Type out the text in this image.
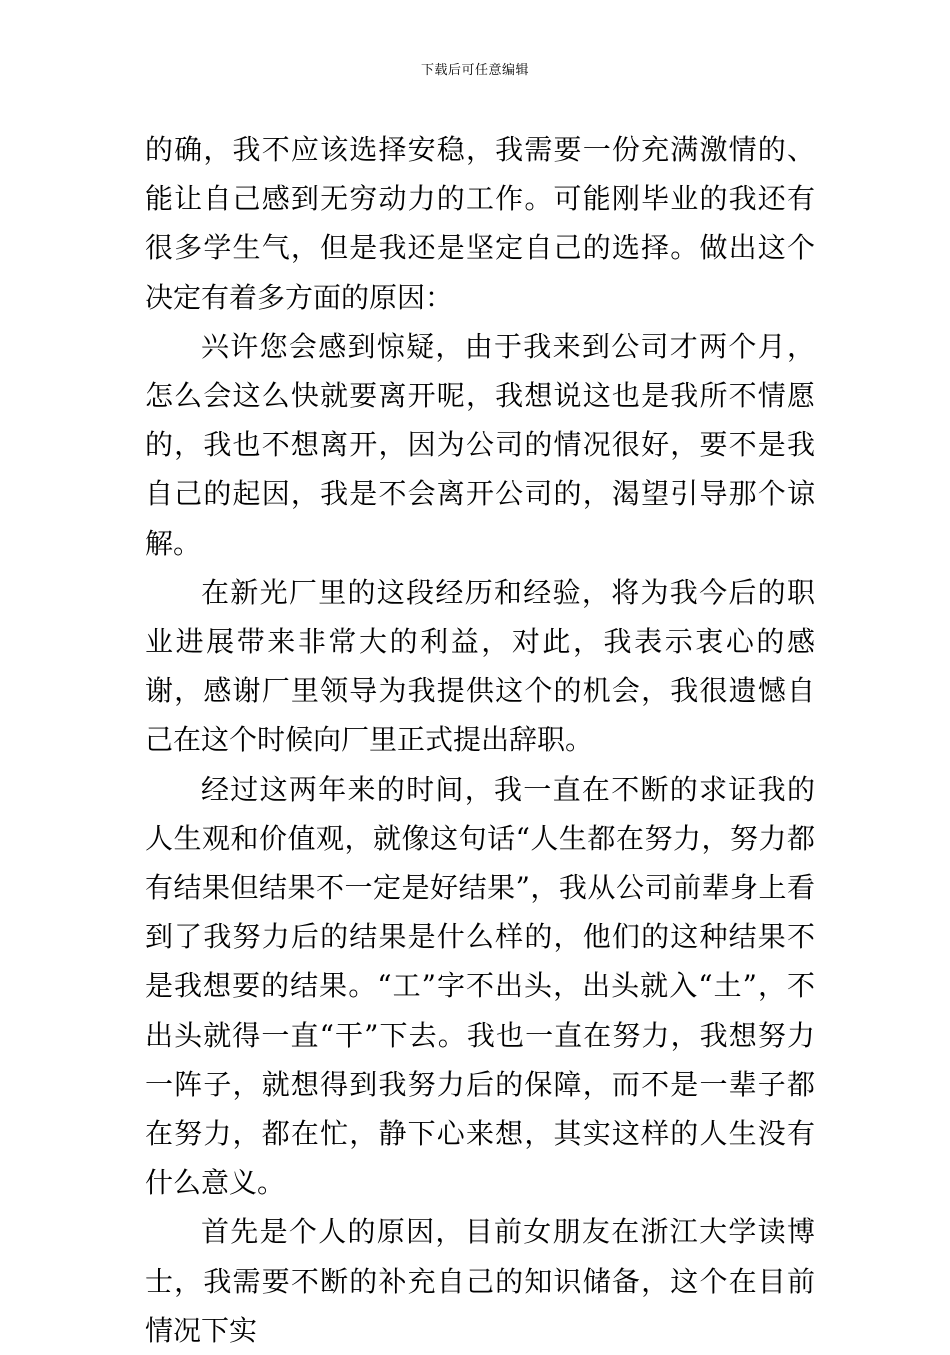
下载后可任意编辑

的确，我不应该选择安稳，我需要一份充满激情的、能让自己感到无穷动力的工作。可能刚毕业的我还有很多学生气，但是我还是坚定自己的选择。做出这个决定有着多方面的原因：

兴许您会感到惊疑，由于我来到公司才两个月，怎么会这么快就要离开呢，我想说这也是我所不情愿的，我也不想离开，因为公司的情况很好，要不是我自己的起因，我是不会离开公司的，渴望引导那个谅解。

在新光厂里的这段经历和经验，将为我今后的职业进展带来非常大的利益，对此，我表示衷心的感谢，感谢厂里领导为我提供这个的机会，我很遗憾自己在这个时候向厂里正式提出辞职。

经过这两年来的时间，我一直在不断的求证我的人生观和价值观，就像这句话“人生都在努力，努力都有结果但结果不一定是好结果”，我从公司前辈身上看到了我努力后的结果是什么样的，他们的这种结果不是我想要的结果。“工”字不出头，出头就入“土”，不出头就得一直“干”下去。我也一直在努力，我想努力一阵子，就想得到我努力后的保障，而不是一辈子都在努力，都在忙，静下心来想，其实这样的人生没有什么意义。

首先是个人的原因，目前女朋友在浙江大学读博士，我需要不断的补充自己的知识储备，这个在目前情况下实
